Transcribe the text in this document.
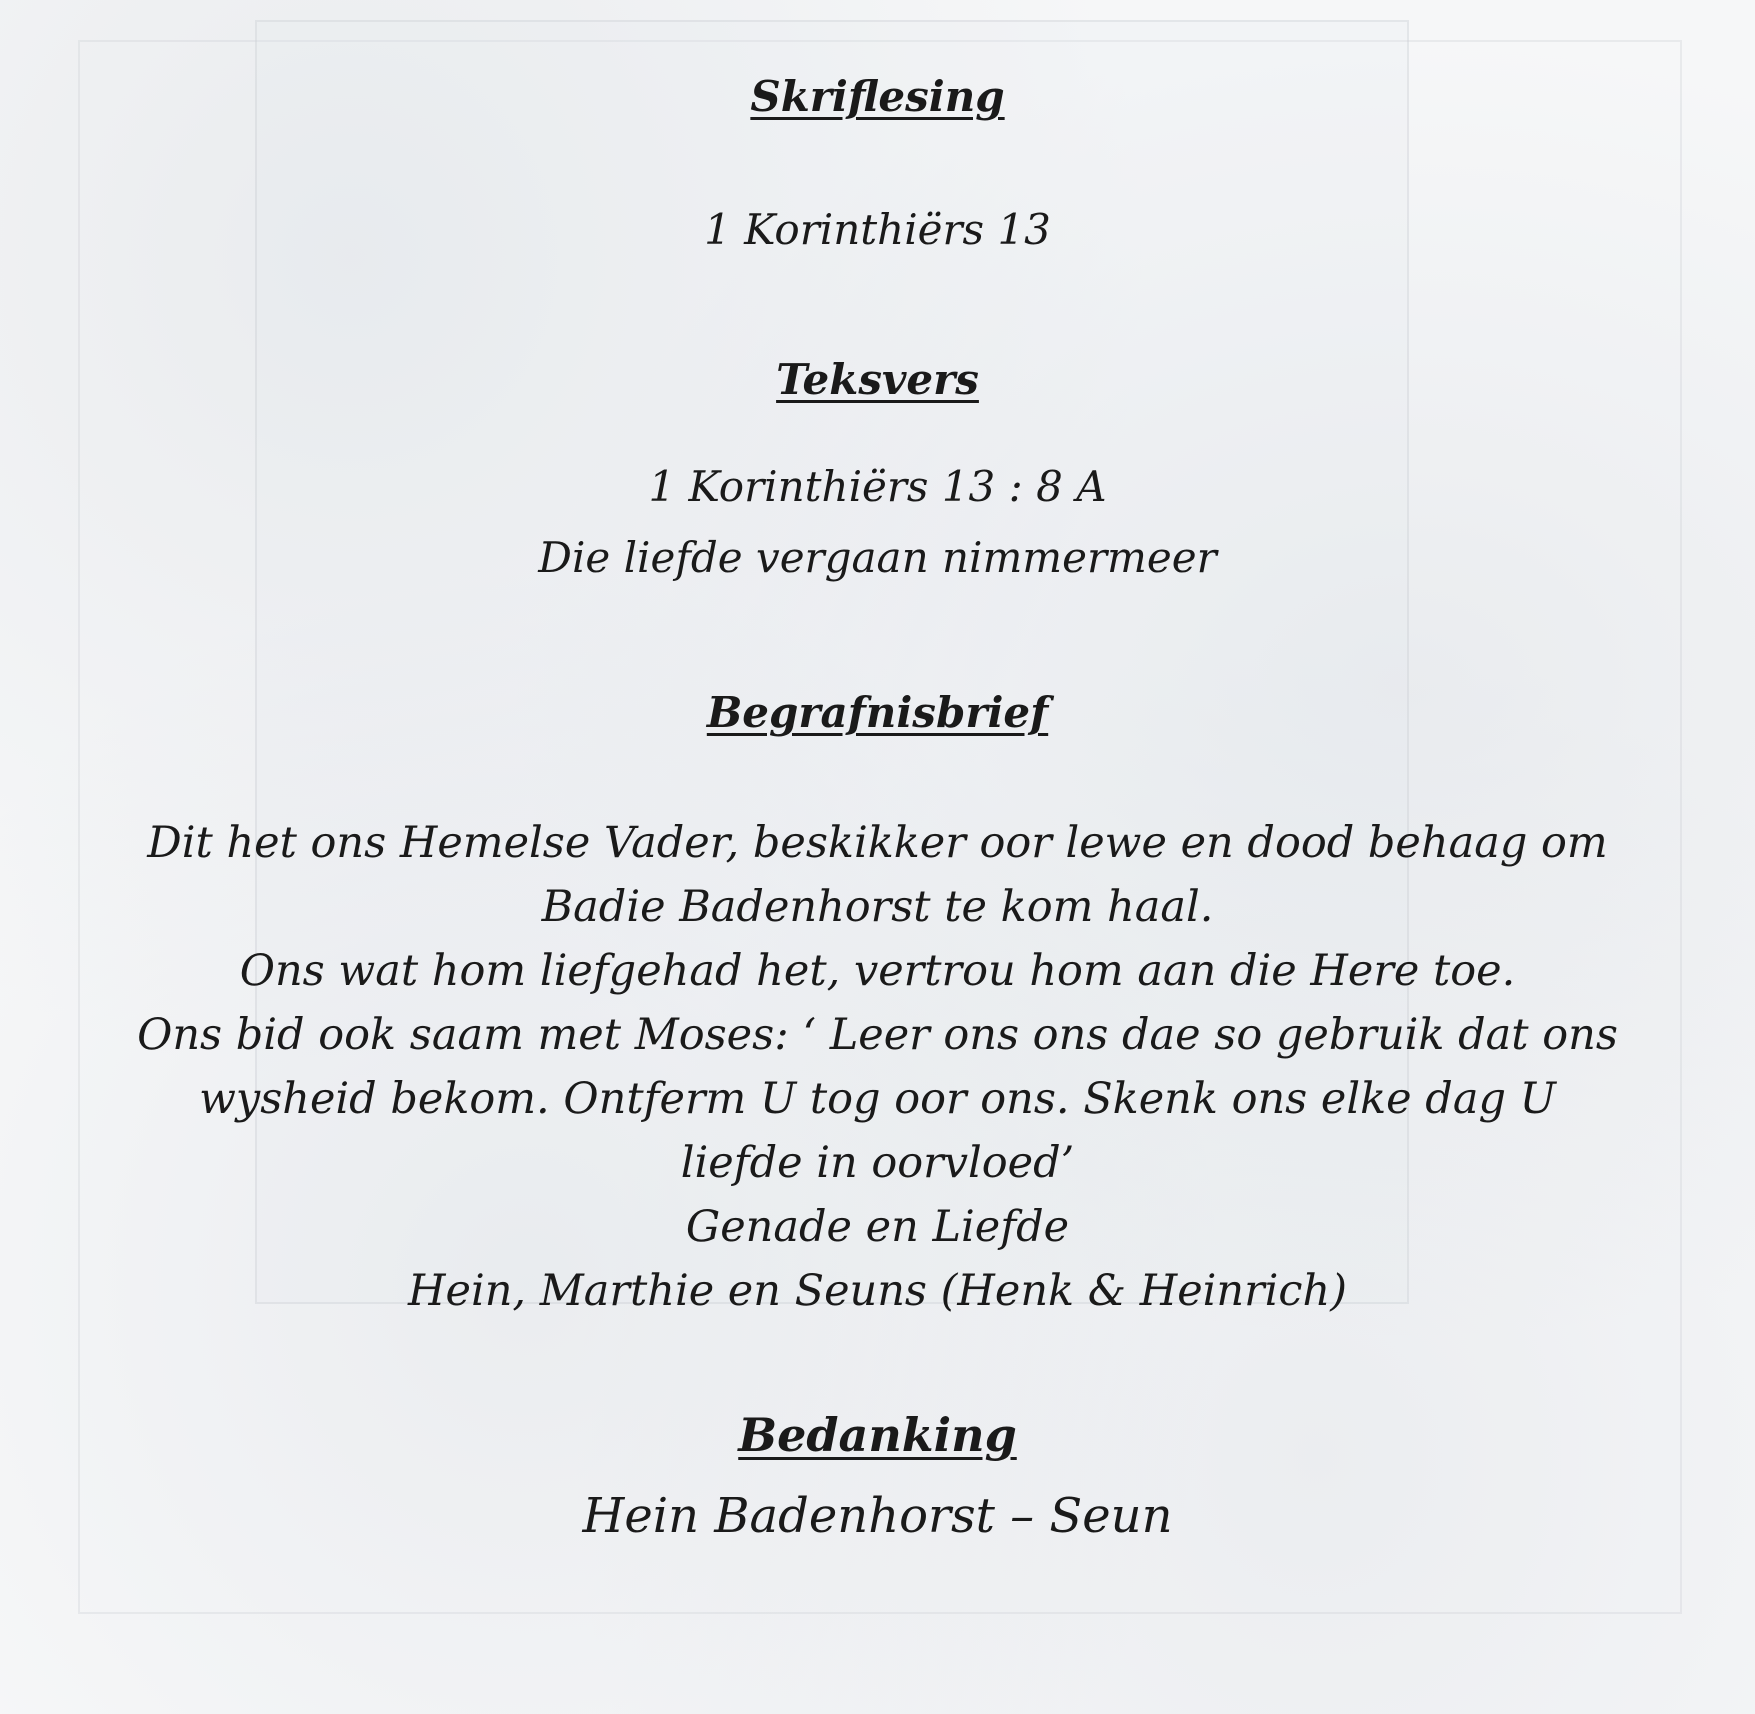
Skriflesing
1 Korinthiërs 13
Teksvers
1 Korinthiërs 13 : 8 A
Die liefde vergaan nimmermeer
Begrafnisbrief
Dit het ons Hemelse Vader, beskikker oor lewe en dood behaag om
Badie Badenhorst te kom haal.
Ons wat hom liefgehad het, vertrou hom aan die Here toe.
Ons bid ook saam met Moses: ‘ Leer ons ons dae so gebruik dat ons
wysheid bekom. Ontferm U tog oor ons. Skenk ons elke dag U
liefde in oorvloed’
Genade en Liefde
Hein, Marthie en Seuns (Henk & Heinrich)
Bedanking
Hein Badenhorst – Seun
